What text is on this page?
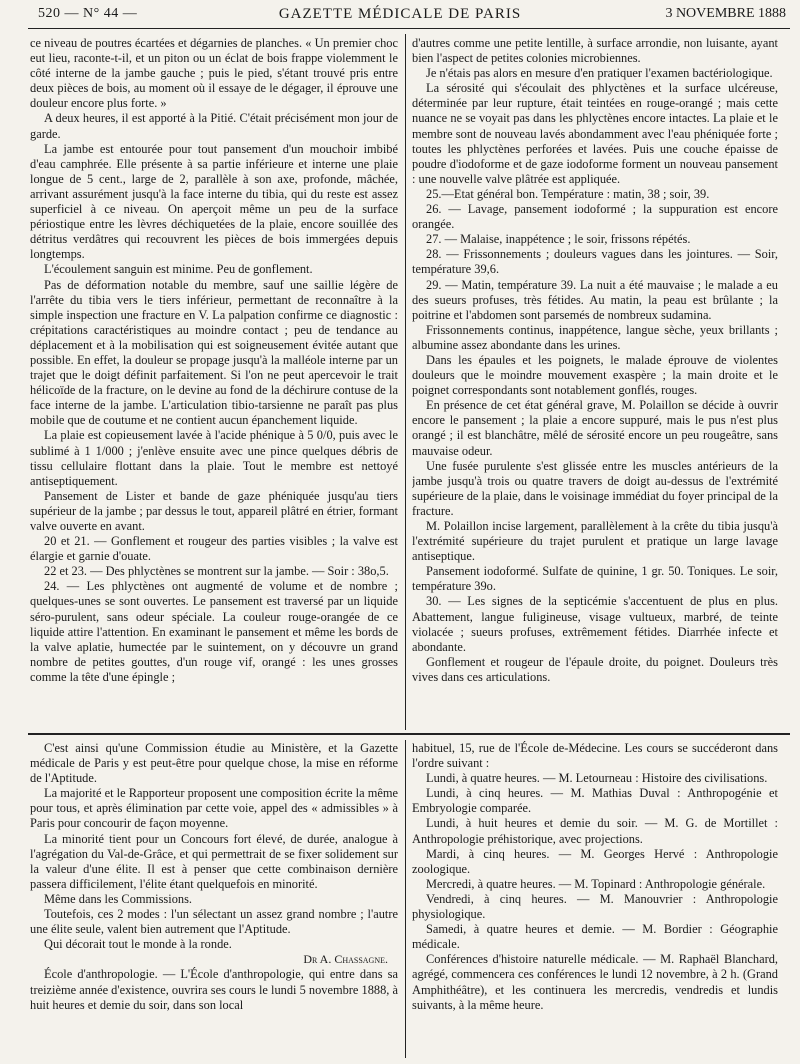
520 — N° 44 —	GAZETTE MÉDICALE DE PARIS	3 NOVEMBRE 1888

ce niveau de poutres écartées et dégarnies de planches. « Un premier choc eut lieu, raconte-t-il, et un piton ou un éclat de bois frappe violemment le côté interne de la jambe gauche ; puis le pied, s'étant trouvé pris entre deux pièces de bois, au moment où il essaye de le dégager, il éprouve une douleur encore plus forte. »

A deux heures, il est apporté à la Pitié. C'était précisément mon jour de garde.

La jambe est entourée pour tout pansement d'un mouchoir imbibé d'eau camphrée. Elle présente à sa partie inférieure et interne une plaie longue de 5 cent., large de 2, parallèle à son axe, profonde, mâchée, arrivant assurément jusqu'à la face interne du tibia, qui du reste est assez superficiel à ce niveau. On aperçoit même un peu de la surface périostique entre les lèvres déchiquetées de la plaie, encore souillée des détritus verdâtres qui recouvrent les pièces de bois immergées depuis longtemps.

L'écoulement sanguin est minime. Peu de gonflement.

Pas de déformation notable du membre, sauf une saillie légère de l'arrête du tibia vers le tiers inférieur, permettant de reconnaître à la simple inspection une fracture en V. La palpation confirme ce diagnostic : crépitations caractéristiques au moindre contact ; peu de tendance au déplacement et à la mobilisation qui est soigneusement évitée autant que possible. En effet, la douleur se propage jusqu'à la malléole interne par un trajet que le doigt définit parfaitement. Si l'on ne peut apercevoir le trait hélicoïde de la fracture, on le devine au fond de la déchirure contuse de la face interne de la jambe. L'articulation tibio-tarsienne ne paraît pas plus mobile que de coutume et ne contient aucun épanchement liquide.

La plaie est copieusement lavée à l'acide phénique à 5 0/0, puis avec le sublimé à 1 1/000 ; j'enlève ensuite avec une pince quelques débris de tissu cellulaire flottant dans la plaie. Tout le membre est nettoyé antiseptiquement.

Pansement de Lister et bande de gaze phéniquée jusqu'au tiers supérieur de la jambe ; par dessus le tout, appareil plâtré en étrier, formant valve ouverte en avant.

20 et 21. — Gonflement et rougeur des parties visibles ; la valve est élargie et garnie d'ouate.

22 et 23. — Des phlyctènes se montrent sur la jambe. — Soir : 38o,5.

24. — Les phlyctènes ont augmenté de volume et de nombre ; quelques-unes se sont ouvertes. Le pansement est traversé par un liquide séro-purulent, sans odeur spéciale. La couleur rouge-orangée de ce liquide attire l'attention. En examinant le pansement et même les bords de la valve aplatie, humectée par le suintement, on y découvre un grand nombre de petites gouttes, d'un rouge vif, orangé : les unes grosses comme la tête d'une épingle ;

d'autres comme une petite lentille, à surface arrondie, non luisante, ayant bien l'aspect de petites colonies microbiennes.

Je n'étais pas alors en mesure d'en pratiquer l'examen bactériologique.

La sérosité qui s'écoulait des phlyctènes et la surface ulcéreuse, déterminée par leur rupture, était teintées en rouge-orangé ; mais cette nuance ne se voyait pas dans les phlyctènes encore intactes. La plaie et le membre sont de nouveau lavés abondamment avec l'eau phéniquée forte ; toutes les phlyctènes perforées et lavées. Puis une couche épaisse de poudre d'iodoforme et de gaze iodoforme forment un nouveau pansement : une nouvelle valve plâtrée est appliquée.

25.—Etat général bon. Température : matin, 38 ; soir, 39.

26. — Lavage, pansement iodoformé ; la suppuration est encore orangée.

27. — Malaise, inappétence ; le soir, frissons répétés.

28. — Frissonnements ; douleurs vagues dans les jointures. — Soir, température 39,6.

29. — Matin, température 39. La nuit a été mauvaise ; le malade a eu des sueurs profuses, très fétides. Au matin, la peau est brûlante ; la poitrine et l'abdomen sont parsemés de nombreux sudamina.

Frissonnements continus, inappétence, langue sèche, yeux brillants ; albumine assez abondante dans les urines.

Dans les épaules et les poignets, le malade éprouve de violentes douleurs que le moindre mouvement exaspère ; la main droite et le poignet correspondants sont notablement gonflés, rouges.

En présence de cet état général grave, M. Polaillon se décide à ouvrir encore le pansement ; la plaie a encore suppuré, mais le pus n'est plus orangé ; il est blanchâtre, mêlé de sérosité encore un peu rougeâtre, sans mauvaise odeur.

Une fusée purulente s'est glissée entre les muscles antérieurs de la jambe jusqu'à trois ou quatre travers de doigt au-dessus de l'extrémité supérieure de la plaie, dans le voisinage immédiat du foyer principal de la fracture.

M. Polaillon incise largement, parallèlement à la crête du tibia jusqu'à l'extrémité supérieure du trajet purulent et pratique un large lavage antiseptique.

Pansement iodoformé. Sulfate de quinine, 1 gr. 50. Toniques. Le soir, température 39o.

30. — Les signes de la septicémie s'accentuent de plus en plus. Abattement, langue fuligineuse, visage vultueux, marbré, de teinte violacée ; sueurs profuses, extrêmement fétides. Diarrhée infecte et abondante.

Gonflement et rougeur de l'épaule droite, du poignet. Douleurs très vives dans ces articulations.

C'est ainsi qu'une Commission étudie au Ministère, et la Gazette médicale de Paris y est peut-être pour quelque chose, la mise en réforme de l'Aptitude.

La majorité et le Rapporteur proposent une composition écrite la même pour tous, et après élimination par cette voie, appel des « admissibles » à Paris pour concourir de façon moyenne.

La minorité tient pour un Concours fort élevé, de durée, analogue à l'agrégation du Val-de-Grâce, et qui permettrait de se fixer solidement sur la valeur d'une élite. Il est à penser que cette combinaison dernière passera difficilement, l'élite étant quelquefois en minorité.

Même dans les Commissions.

Toutefois, ces 2 modes : l'un sélectant un assez grand nombre ; l'autre une élite seule, valent bien autrement que l'Aptitude.

Qui décorait tout le monde à la ronde.

Dr A. Chassagne.

École d'anthropologie. — L'École d'anthropologie, qui entre dans sa treizième année d'existence, ouvrira ses cours le lundi 5 novembre 1888, à huit heures et demie du soir, dans son local

habituel, 15, rue de l'École de-Médecine. Les cours se succéderont dans l'ordre suivant :

Lundi, à quatre heures. — M. Letourneau : Histoire des civilisations.

Lundi, à cinq heures. — M. Mathias Duval : Anthropogénie et Embryologie comparée.

Lundi, à huit heures et demie du soir. — M. G. de Mortillet : Anthropologie préhistorique, avec projections.

Mardi, à cinq heures. — M. Georges Hervé : Anthropologie zoologique.

Mercredi, à quatre heures. — M. Topinard : Anthropologie générale.

Vendredi, à cinq heures. — M. Manouvrier : Anthropologie physiologique.

Samedi, à quatre heures et demie. — M. Bordier : Géographie médicale.

Conférences d'histoire naturelle médicale. — M. Raphaël Blanchard, agrégé, commencera ces conférences le lundi 12 novembre, à 2 h. (Grand Amphithéâtre), et les continuera les mercredis, vendredis et lundis suivants, à la même heure.
